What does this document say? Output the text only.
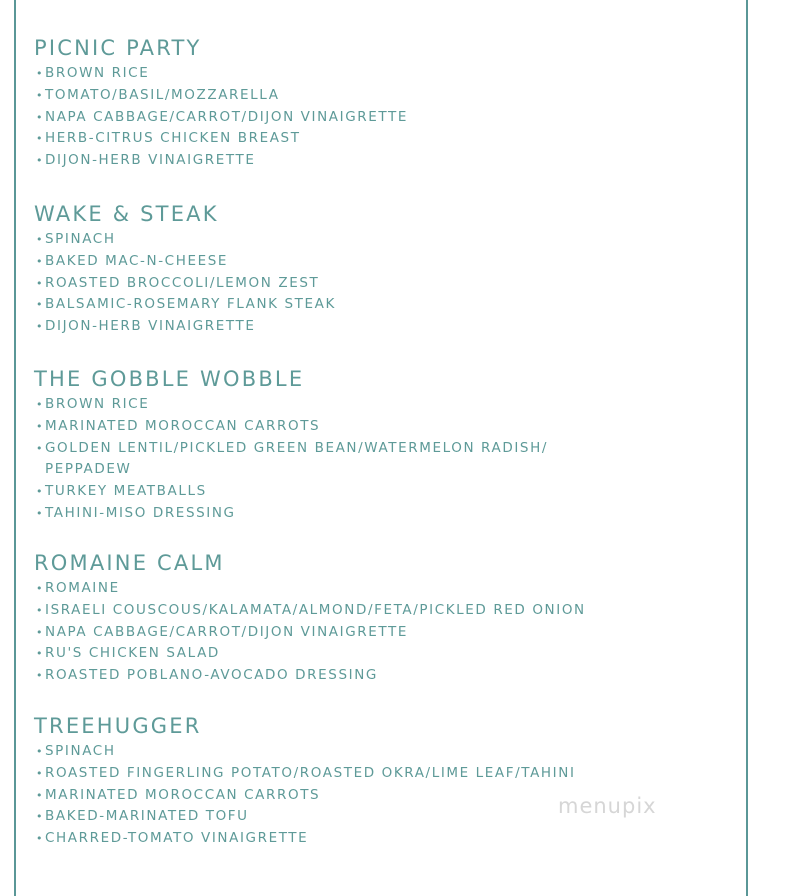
PICNIC PARTY
• BROWN RICE
• TOMATO/BASIL/MOZZARELLA
• NAPA CABBAGE/CARROT/DIJON VINAIGRETTE
• HERB-CITRUS CHICKEN BREAST
• DIJON-HERB VINAIGRETTE
WAKE & STEAK
• SPINACH
• BAKED MAC-N-CHEESE
• ROASTED BROCCOLI/LEMON ZEST
• BALSAMIC-ROSEMARY FLANK STEAK
• DIJON-HERB VINAIGRETTE
THE GOBBLE WOBBLE
• BROWN RICE
• MARINATED MOROCCAN CARROTS
• GOLDEN LENTIL/PICKLED GREEN BEAN/WATERMELON RADISH/
PEPPADEW
• TURKEY MEATBALLS
• TAHINI-MISO DRESSING
ROMAINE CALM
• ROMAINE
• ISRAELI COUSCOUS/KALAMATA/ALMOND/FETA/PICKLED RED ONION
• NAPA CABBAGE/CARROT/DIJON VINAIGRETTE
• RU'S CHICKEN SALAD
• ROASTED POBLANO-AVOCADO DRESSING
TREEHUGGER
• SPINACH
• ROASTED FINGERLING POTATO/ROASTED OKRA/LIME LEAF/TAHINI
• MARINATED MOROCCAN CARROTS
• BAKED-MARINATED TOFU
• CHARRED-TOMATO VINAIGRETTE
menupix
